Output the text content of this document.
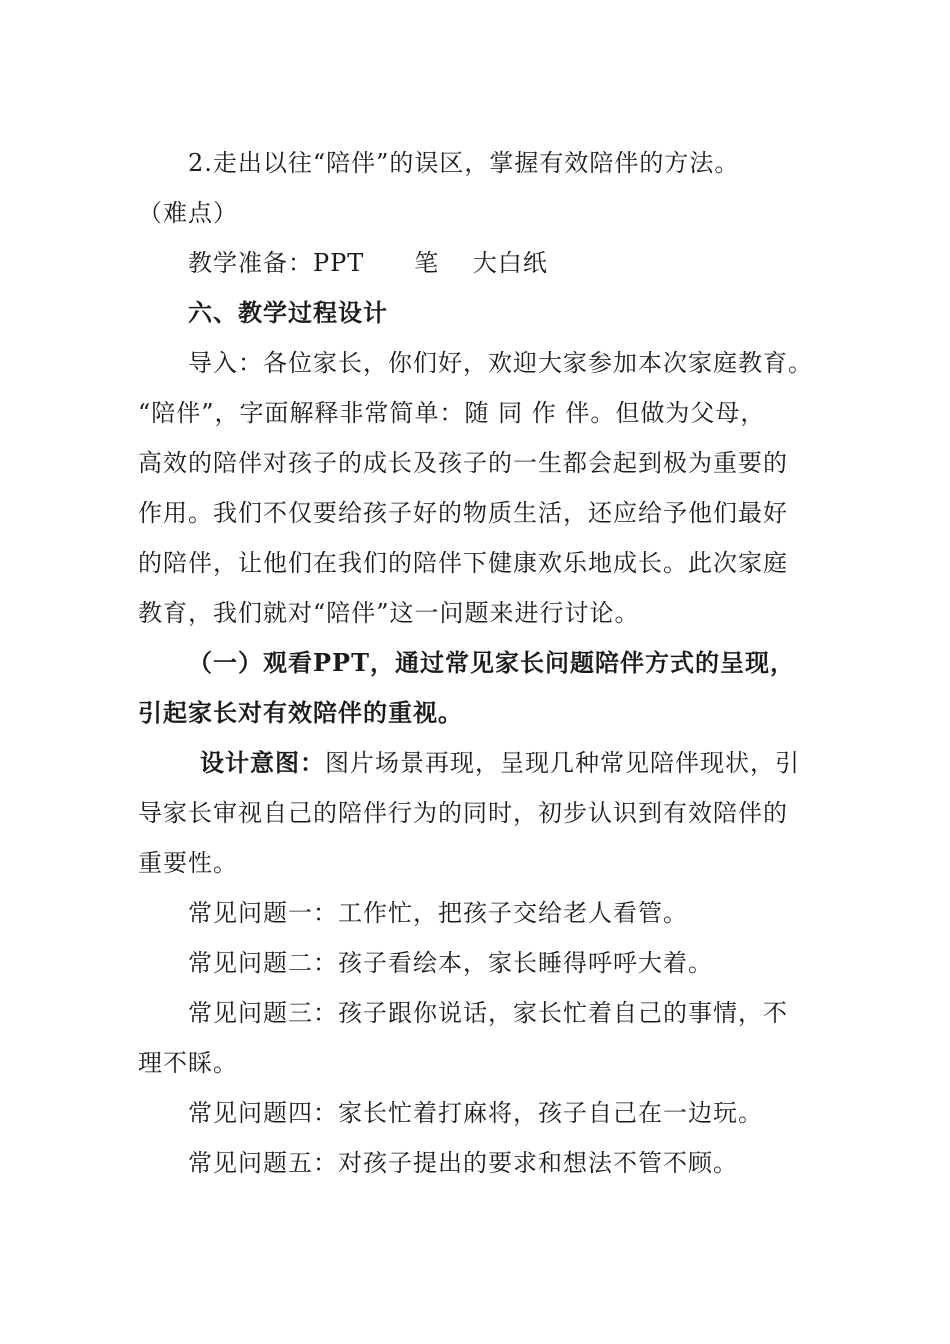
2.走出以往“陪伴”的误区，掌握有效陪伴的方法。
（难点）
教学准备：PPT　　笔　 大白纸
六、教学过程设计
导入：各位家长，你们好，欢迎大家参加本次家庭教育。
“陪伴”，字面解释非常简单：随 同 作 伴。但做为父母，
高效的陪伴对孩子的成长及孩子的一生都会起到极为重要的
作用。我们不仅要给孩子好的物质生活，还应给予他们最好
的陪伴，让他们在我们的陪伴下健康欢乐地成长。此次家庭
教育，我们就对“陪伴”这一问题来进行讨论。
（一）观看PPT，通过常见家长问题陪伴方式的呈现，
引起家长对有效陪伴的重视。
设计意图：图片场景再现，呈现几种常见陪伴现状，引
导家长审视自己的陪伴行为的同时，初步认识到有效陪伴的
重要性。
常见问题一：工作忙，把孩子交给老人看管。
常见问题二：孩子看绘本，家长睡得呼呼大着。
常见问题三：孩子跟你说话，家长忙着自己的事情，不
理不睬。
常见问题四：家长忙着打麻将，孩子自己在一边玩。
常见问题五：对孩子提出的要求和想法不管不顾。
